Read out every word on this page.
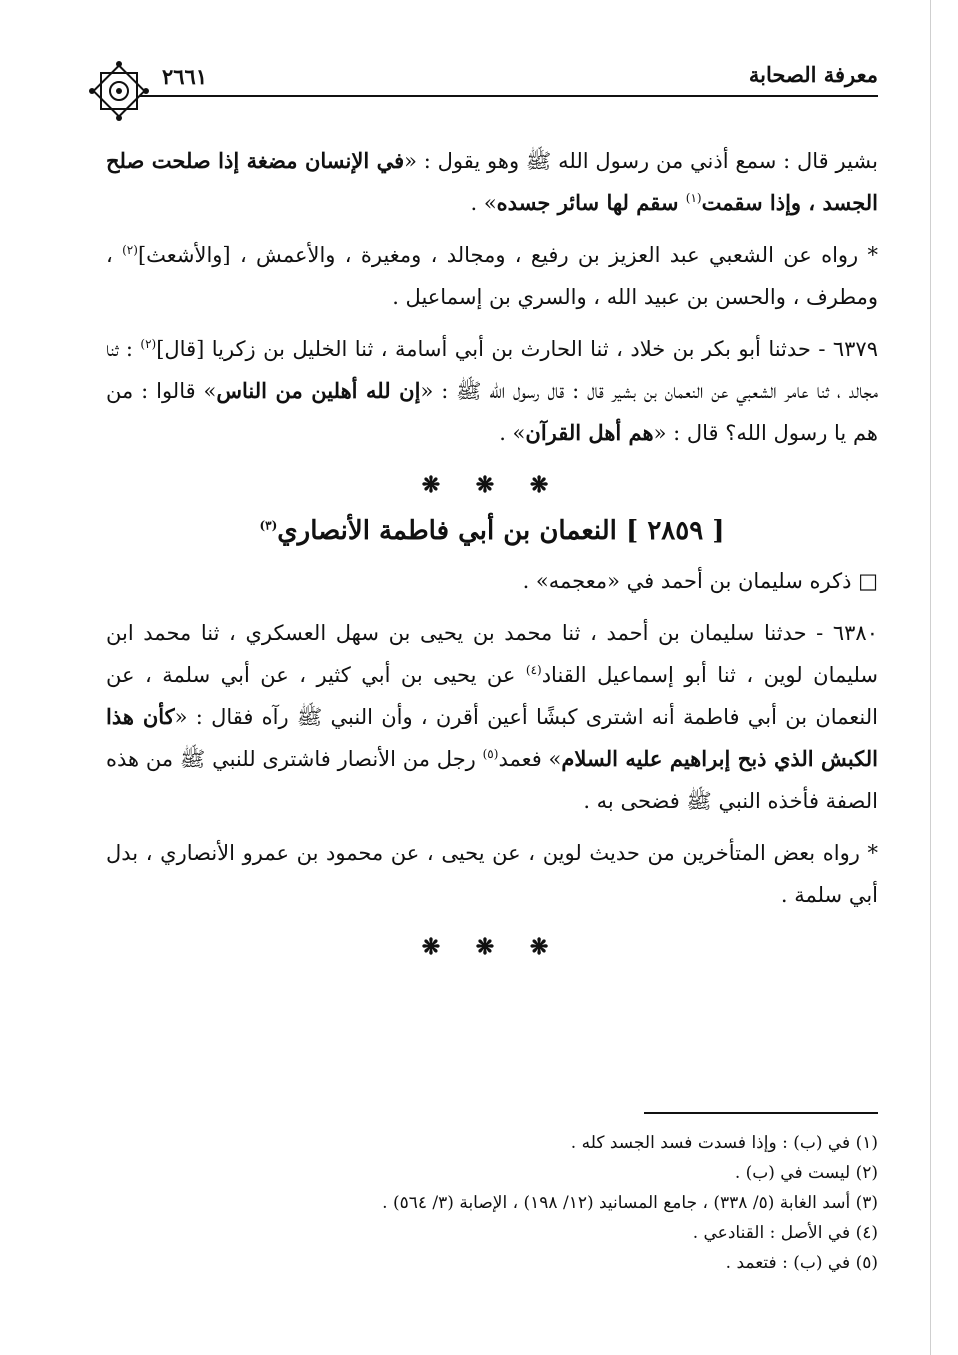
معرفة الصحابة
٢٦٦١

بشير قال : سمع أذني من رسول الله ﷺ وهو يقول : «في الإنسان مضغة إذا صلحت صلح الجسد ، وإذا سقمت$^{(١)}$ سقم لها سائر جسده» .

* رواه عن الشعبي عبد العزيز بن رفيع ، ومجالد ، ومغيرة ، والأعمش ، [والأشعث]$^{(٢)}$ ، ومطرف ، والحسن بن عبيد الله ، والسري بن إسماعيل .

٦٣٧٩ - حدثنا أبو بكر بن خلاد ، ثنا الحارث بن أبي أسامة ، ثنا الخليل بن زكريا [قال]$^{(٢)}$ : ثنا مجالد ، ثنا عامر الشعبي عن النعمان بن بشير قال : قال رسول الله ﷺ : «إن لله أهلين من الناس» قالوا : من هم يا رسول الله؟ قال : «هم أهل القرآن» .

❋ ❋ ❋
[ ٢٨٥٩ ] النعمان بن أبي فاطمة الأنصاري$^{(٣)}$

□ ذكره سليمان بن أحمد في «معجمه» .

٦٣٨٠ - حدثنا سليمان بن أحمد ، ثنا محمد بن يحيى بن سهل العسكري ، ثنا محمد ابن سليمان لوين ، ثنا أبو إسماعيل القناد$^{(٤)}$ عن يحيى بن أبي كثير ، عن أبي سلمة ، عن النعمان بن أبي فاطمة أنه اشترى كبشًا أعين أقرن ، وأن النبي ﷺ رآه فقال : «كأن هذا الكبش الذي ذبح إبراهيم عليه السلام» فعمد$^{(٥)}$ رجل من الأنصار فاشترى للنبي ﷺ من هذه الصفة فأخذه النبي ﷺ فضحى به .

* رواه بعض المتأخرين من حديث لوين ، عن يحيى ، عن محمود بن عمرو الأنصاري ، بدل أبي سلمة .

❋ ❋ ❋
(١) في (ب) : وإذا فسدت فسد الجسد كله .
(٢) ليست في (ب) .
(٣) أسد الغابة (٥/ ٣٣٨) ، جامع المسانيد (١٢/ ١٩٨) ، الإصابة (٣/ ٥٦٤) .
(٤) في الأصل : القنادعي .
(٥) في (ب) : فتعمد .
